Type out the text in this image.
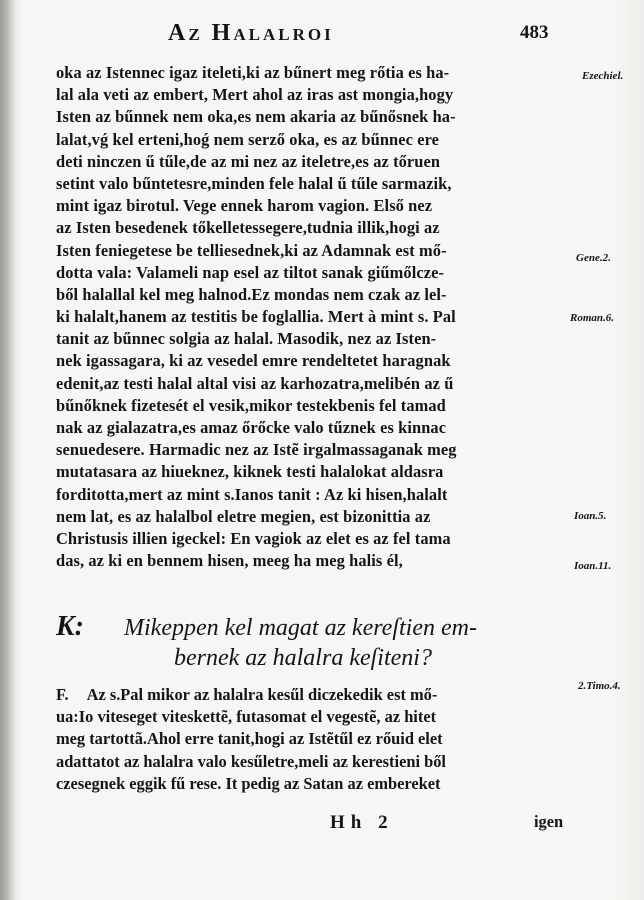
Az Halalroi	483
oka az Istennec igaz iteleti,ki az bűnert meg rőtia es ha-
lal ala veti az embert, Mert ahol az iras ast mongia,hogy
Isten az bűnnek nem oka,es nem akaria az bűnősnek ha-
lalat,vǵ kel erteni,hoǵ nem serző oka, es az bűnnec ere
deti ninczen ű tűle,de az mi nez az iteletre,es az tőruen
setint valo bűntetesre,minden fele halal ű tűle sarmazik,
mint igaz birotul. Vege ennek harom vagion. Első nez
az Isten besedenek tőkelletessegere,tudnia illik,hogi az
Isten feniegetese be telliesednek,ki az Adamnak est mő-
dotta vala: Valameli nap esel az tiltot sanak giűmőlcze-
ből halallal kel meg halnod.Ez mondas nem czak az lel-
ki halalt,hanem az testitis be foglallia. Mert à mint s. Pal
tanit az bűnnec solgia az halal. Masodik, nez az Isten-
nek igassagara, ki az vesedel emre rendeltetet haragnak
edenit,az testi halal altal visi az karhozatra,melibén az ű
bűnőknek fizetesét el vesik,mikor testekbenis fel tamad
nak az gialazatra,es amaz őrőcke valo tűznek es kinnac
senuedesere. Harmadic nez az Istẽ irgalmassaganak meg
mutatasara az hiueknez, kiknek testi halalokat aldasra
forditotta,mert az mint s.Ianos tanit : Az ki hisen,halalt
nem lat, es az halalbol eletre megien, est bizonittia az
Christusis illien igeckel: En vagiok az elet es az fel tama
das, az ki en bennem hisen, meeg ha meg halis él,
K: Mikeppen kel magat az kereſtien em-
bernek az halalra keſiteni?
F. Az s.Pal mikor az halalra kesűl diczekedik est mő-
ua:Io viteseget viteskettẽ, futasomat el vegestẽ, az hitet
meg tartottã.Ahol erre tanit,hogi az Istẽtűl ez rőuid elet
adattatot az halalra valo kesűletre,meli az kerestieni ből
czesegnek eggik fű rese. It pedig az Satan az embereket
Ezechiel.
Gene.2.
Roman.6.
Ioan.5.
Ioan.11.
2.Timo.4.
Hh 2	igen
